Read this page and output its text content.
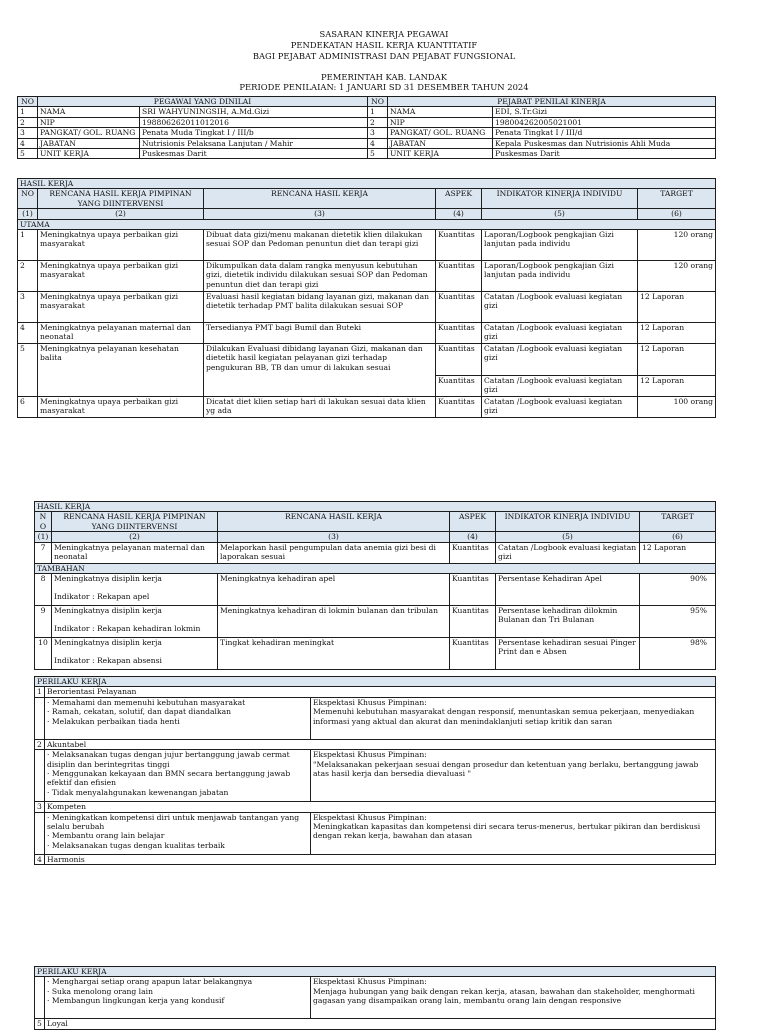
SASARAN KINERJA PEGAWAI
PENDEKATAN HASIL KERJA KUANTITATIF
BAGI PEJABAT ADMINISTRASI DAN PEJABAT FUNGSIONAL
PEMERINTAH KAB. LANDAK
PERIODE PENILAIAN: 1 JANUARI SD 31 DESEMBER TAHUN 2024
NO	PEGAWAI YANG DINILAI		NO	PEJABAT PENILAI KINERJA	
1	NAMA	SRI WAHYUNINGSIH, A.Md.Gizi	1	NAMA	EDI, S.Tr.Gizi
2	NIP	198806262011012016	2	NIP	198004262005021001
3	PANGKAT/ GOL. RUANG	Penata Muda Tingkat I / III/b	3	PANGKAT/ GOL. RUANG	Penata Tingkat I / III/d
4	JABATAN	Nutrisionis Pelaksana Lanjutan / Mahir	4	JABATAN	Kepala Puskesmas dan Nutrisionis Ahli Muda
5	UNIT KERJA	Puskesmas Darit	5	UNIT KERJA	Puskesmas Darit
HASIL KERJA					
NO	RENCANA HASIL KERJA PIMPINAN YANG DIINTERVENSI	RENCANA HASIL KERJA	ASPEK	INDIKATOR KINERJA INDIVIDU	TARGET
(1)	(2)	(3)	(4)	(5)	(6)
UTAMA					
1	Meningkatnya upaya perbaikan gizi masyarakat	Dibuat data gizi/menu makanan dietetik klien dilakukan sesuai SOP dan Pedoman penuntun diet dan terapi gizi	Kuantitas	Laporan/Logbook pengkajian Gizi lanjutan pada individu	120 orang
2	Meningkatnya upaya perbaikan gizi masyarakat	Dikumpulkan data dalam rangka menyusun kebutuhan gizi, dietetik individu dilakukan sesuai SOP dan Pedoman penuntun diet dan terapi gizi	Kuantitas	Laporan/Logbook pengkajian Gizi lanjutan pada individu	120 orang
3	Meningkatnya upaya perbaikan gizi masyarakat	Evaluasi hasil kegiatan bidang layanan gizi, makanan dan dietetik terhadap PMT balita dilakukan sesuai SOP	Kuantitas	Catatan /Logbook evaluasi kegiatan gizi	12 Laporan
4	Meningkatnya pelayanan maternal dan neonatal	Tersedianya PMT bagi Bumil dan Buteki	Kuantitas	Catatan /Logbook evaluasi kegiatan gizi	12 Laporan
5	Meningkatnya pelayanan kesehatan balita	Dilakukan Evaluasi dibidang layanan Gizi, makanan dan dietetik hasil kegiatan pelayanan gizi terhadap pengukuran BB, TB dan umur di lakukan sesuai	Kuantitas	Catatan /Logbook evaluasi kegiatan gizi	12 Laporan
			Kuantitas	Catatan /Logbook evaluasi kegiatan gizi	12 Laporan
6	Meningkatnya upaya perbaikan gizi masyarakat	Dicatat diet klien setiap hari di lakukan sesuai data klien yg ada	Kuantitas	Catatan /Logbook evaluasi kegiatan gizi	100 orang
HASIL KERJA					
NO	RENCANA HASIL KERJA PIMPINAN YANG DIINTERVENSI	RENCANA HASIL KERJA	ASPEK	INDIKATOR KINERJA INDIVIDU	TARGET
(1)	(2)	(3)	(4)	(5)	(6)
7	Meningkatnya pelayanan maternal dan neonatal	Melaporkan hasil pengumpulan data anemia gizi besi di laporakan sesuai	Kuantitas	Catatan /Logbook evaluasi kegiatan gizi	12 Laporan
TAMBAHAN					
8	Meningkatnya disiplin kerja
Indikator : Rekapan apel	Meningkatnya kehadiran apel	Kuantitas	Persentase Kehadiran Apel	90%
9	Meningkatnya disiplin kerja
Indikator : Rekapan kehadiran lokmin	Meningkatnya kehadiran di lokmin bulanan dan tribulan	Kuantitas	Persentase kehadiran dilokmin Bulanan dan Tri Bulanan	95%
10	Meningkatnya disiplin kerja
Indikator : Rekapan absensi	Tingkat kehadiran meningkat	Kuantitas	Persentase kehadiran sesuai Pinger Print dan e Absen	98%
PERILAKU KERJA		
1	Berorientasi Pelayanan	

	· Memahami dan memenuhi kebutuhan masyarakat
· Ramah, cekatan, solutif, dan dapat diandalkan
· Melakukan perbaikan tiada henti	Ekspektasi Khusus Pimpinan:
Memenuhi kebutuhan masyarakat dengan responsif, menuntaskan semua pekerjaan, menyediakan informasi yang aktual dan akurat dan menindaklanjuti setiap kritik dan saran

2	Akuntabel	

	· Melaksanakan tugas dengan jujur bertanggung jawab cermat disiplin dan berintegritas tinggi
· Menggunakan kekayaan dan BMN secara bertanggung jawab efektif dan efisien
· Tidak menyalahgunakan kewenangan jabatan	Ekspektasi Khusus Pimpinan:
"Melaksanakan pekerjaan sesuai dengan prosedur dan ketentuan yang berlaku, bertanggung jawab atas hasil kerja dan bersedia dievaluasi "

3	Kompeten	

	· Meningkatkan kompetensi diri untuk menjawab tantangan yang selalu berubah
· Membantu orang lain belajar
· Melaksanakan tugas dengan kualitas terbaik	Ekspektasi Khusus Pimpinan:
Meningkatkan kapasitas dan kompetensi diri secara terus-menerus, bertukar pikiran dan berdiskusi dengan rekan kerja, bawahan dan atasan

4	Harmonis	
PERILAKU KERJA		

	· Menghargai setiap orang apapun latar belakangnya
· Suka menolong orang lain
· Membangun lingkungan kerja yang kondusif	Ekspektasi Khusus Pimpinan:
Menjaga hubungan yang baik dengan rekan kerja, atasan, bawahan dan stakeholder, menghormati gagasan yang disampaikan orang lain, membantu orang lain dengan responsive

5	Loyal	
